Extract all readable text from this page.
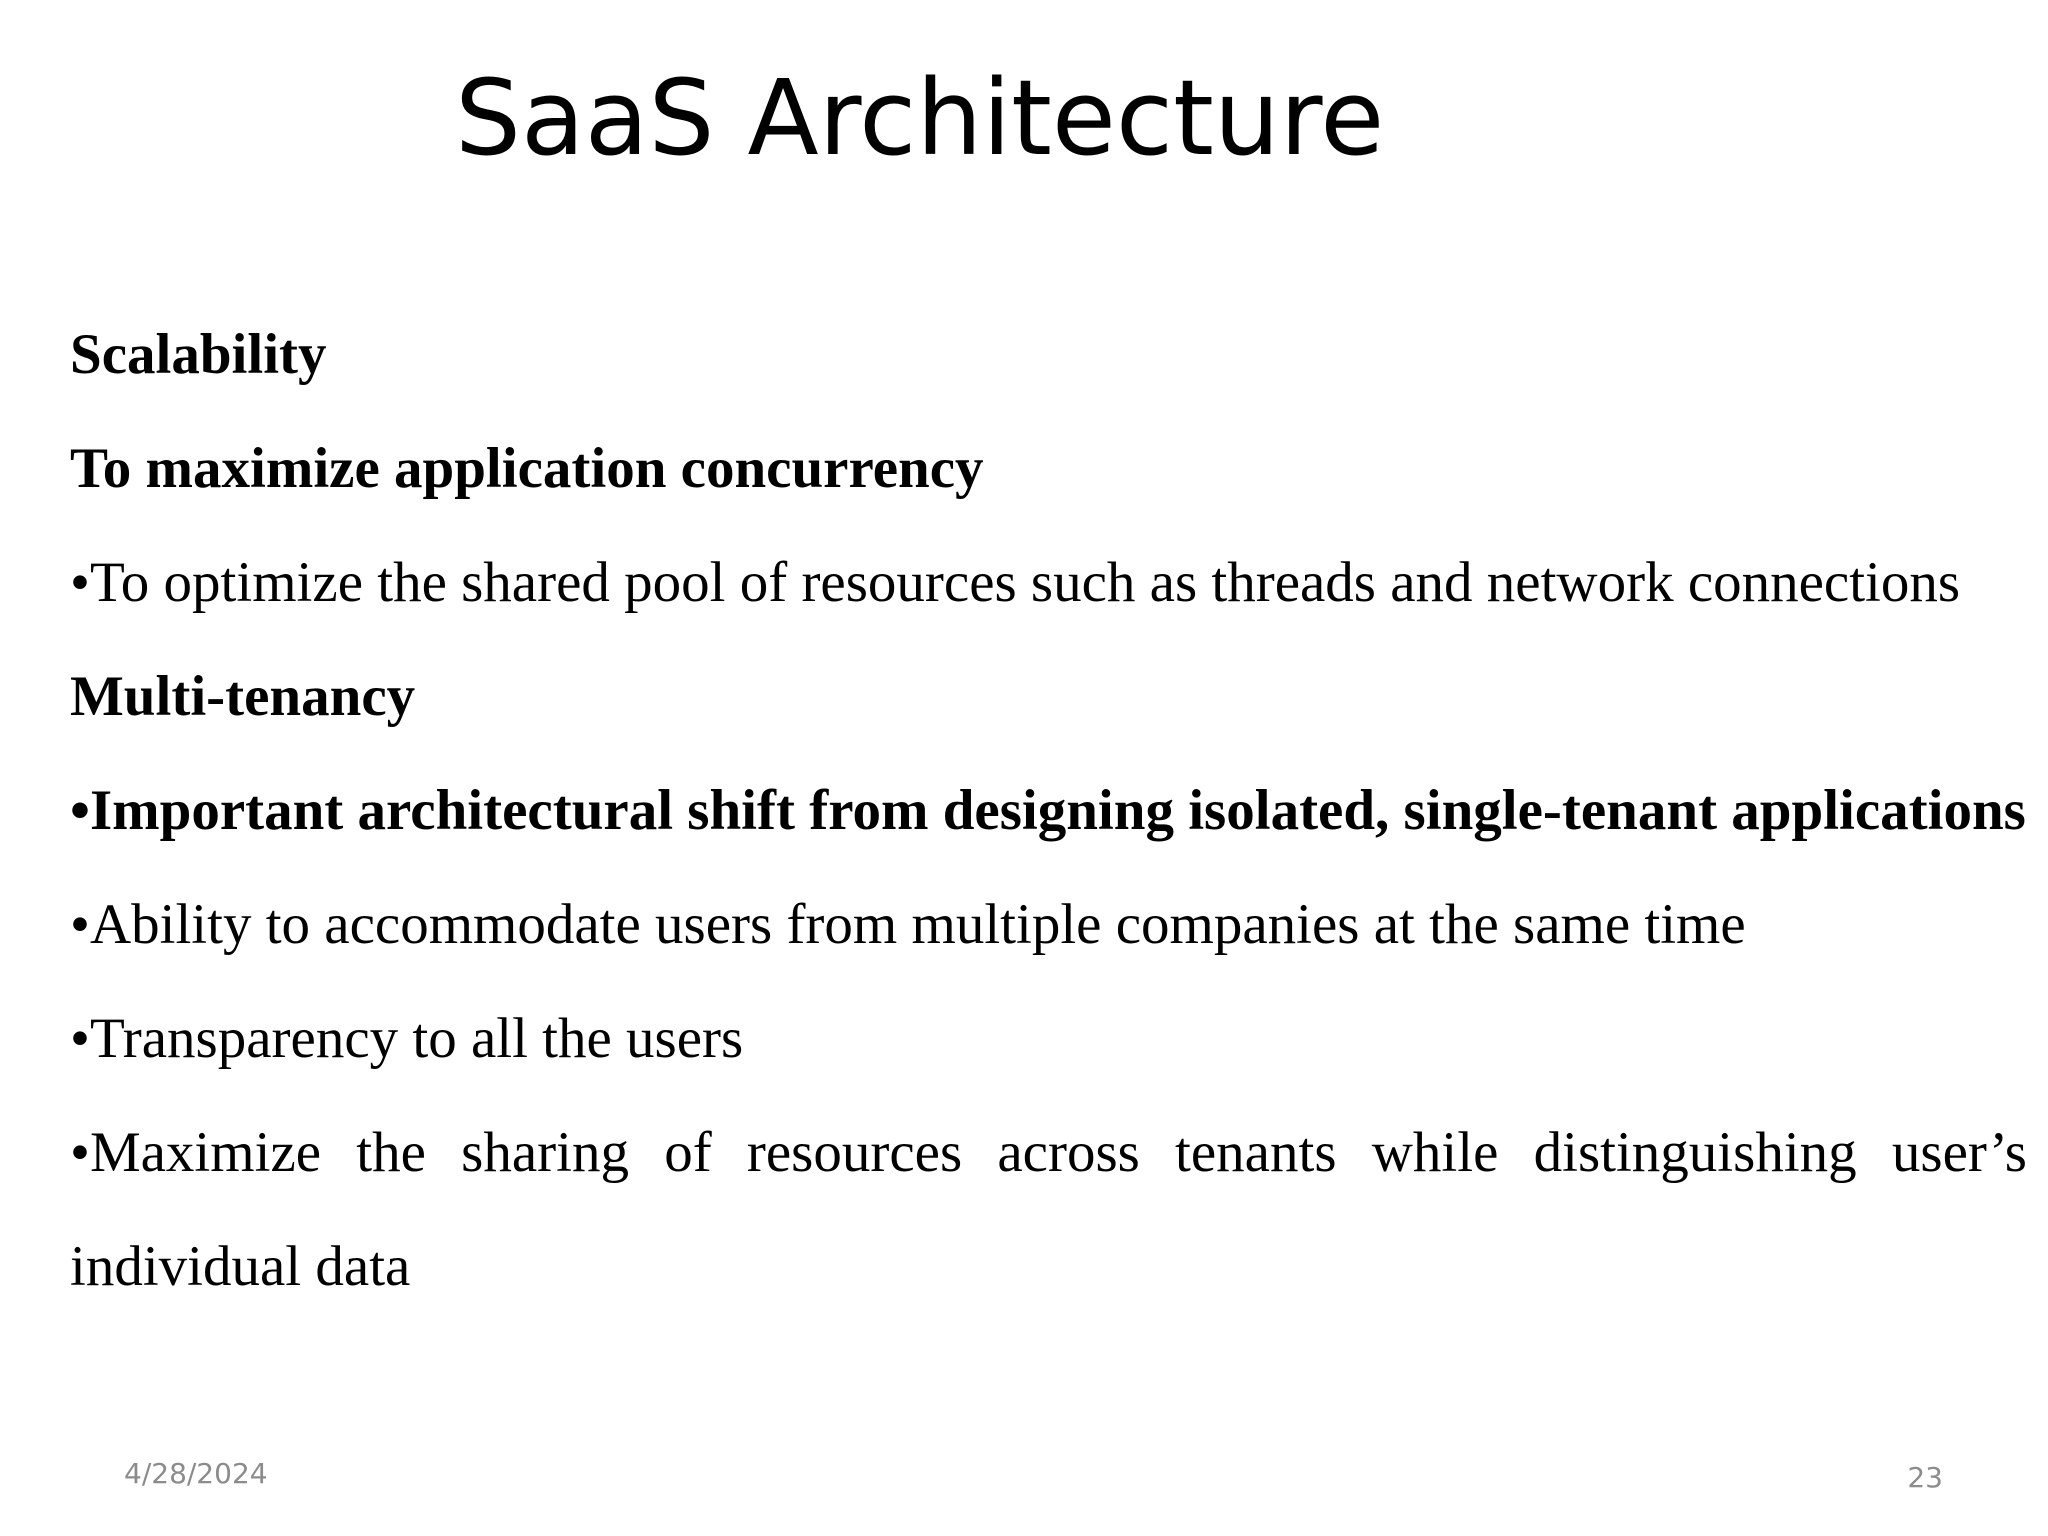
SaaS Architecture

Scalability

To maximize application concurrency

•To optimize the shared pool of resources such as threads and network connections

Multi-tenancy

•Important architectural shift from designing isolated, single-tenant applications

•Ability to accommodate users from multiple companies at the same time

•Transparency to all the users

•Maximize the sharing of resources across tenants while distinguishing user’s individual data

4/28/2024	23
